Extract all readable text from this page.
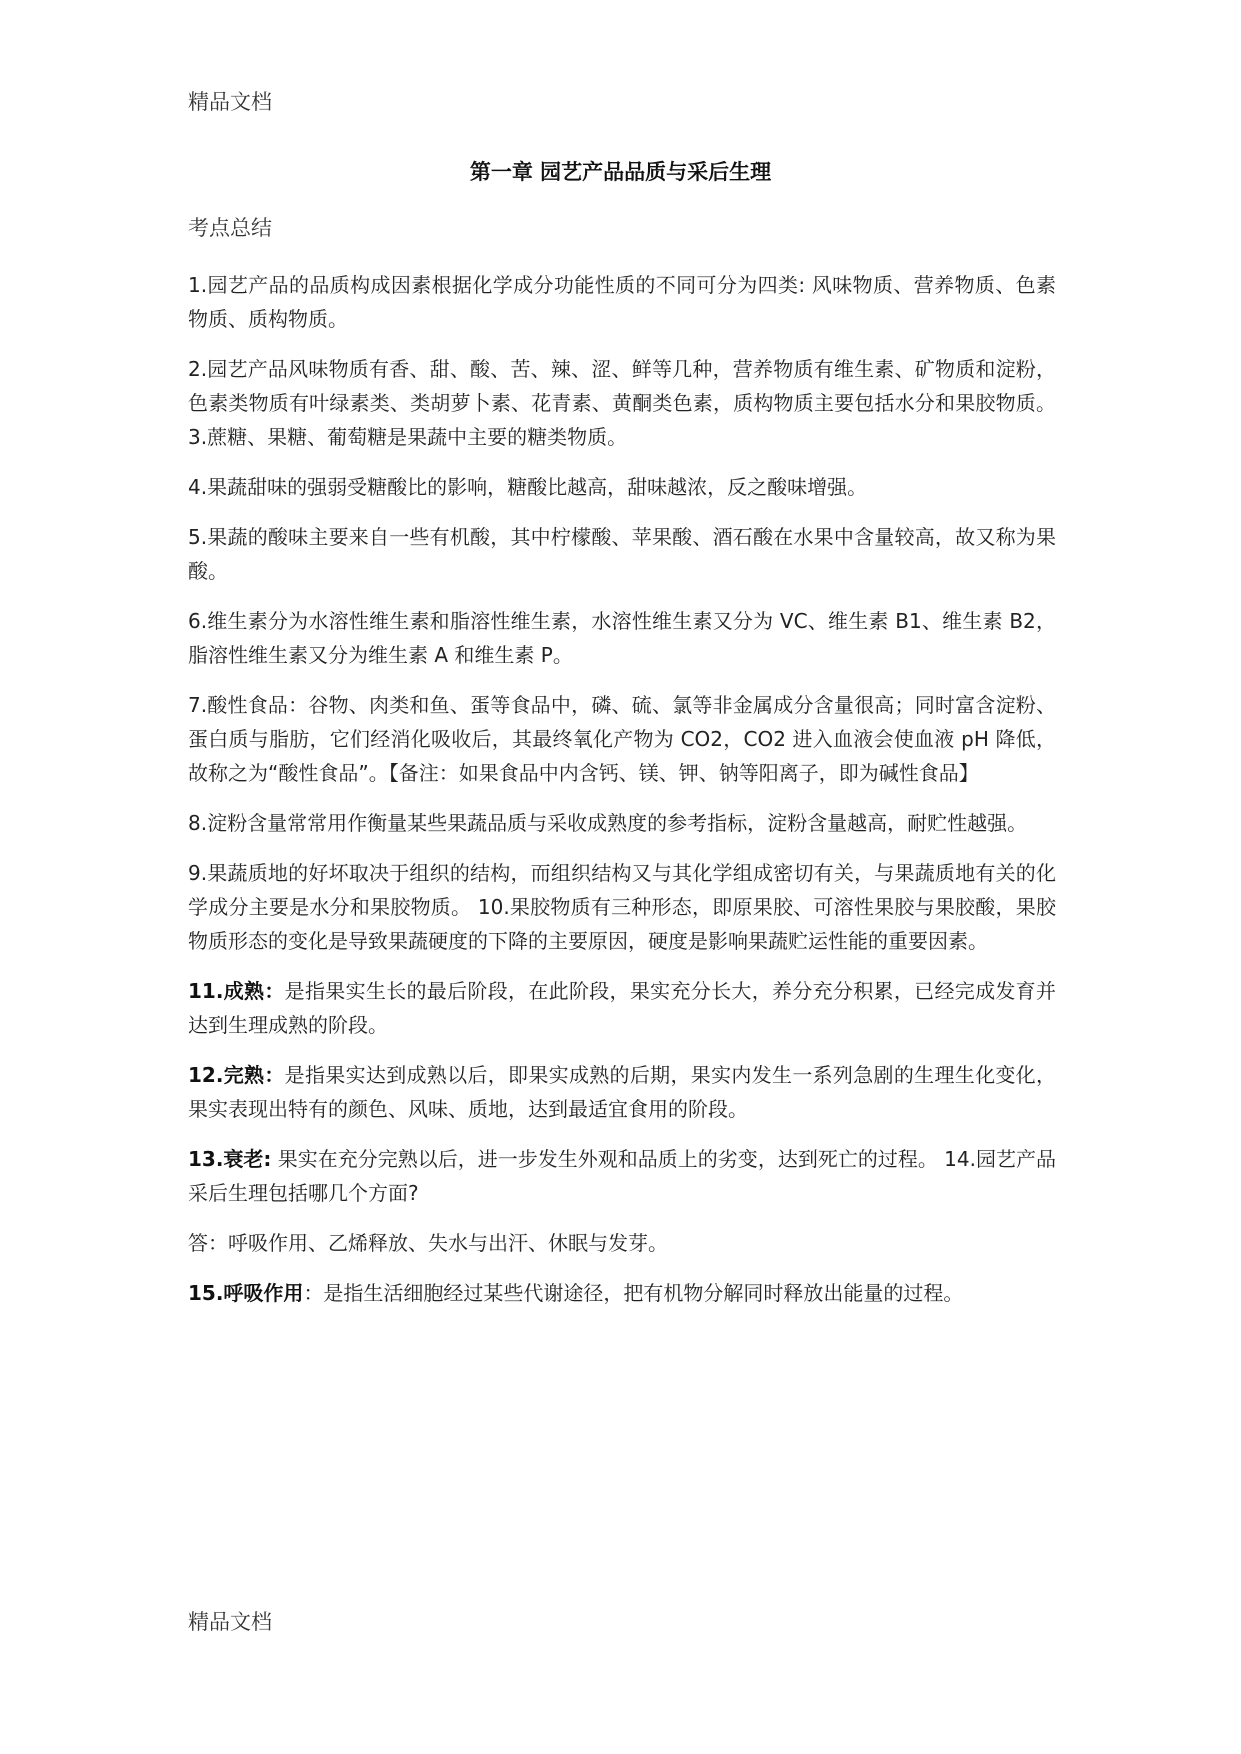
精品文档
第一章 园艺产品品质与采后生理
考点总结

1.园艺产品的品质构成因素根据化学成分功能性质的不同可分为四类: 风味物质、营养物质、色素物质、质构物质。

2.园艺产品风味物质有香、甜、酸、苦、辣、涩、鲜等几种，营养物质有维生素、矿物质和淀粉，色素类物质有叶绿素类、类胡萝卜素、花青素、黄酮类色素，质构物质主要包括水分和果胶物质。 3.蔗糖、果糖、葡萄糖是果蔬中主要的糖类物质。

4.果蔬甜味的强弱受糖酸比的影响，糖酸比越高，甜味越浓，反之酸味增强。

5.果蔬的酸味主要来自一些有机酸，其中柠檬酸、苹果酸、酒石酸在水果中含量较高，故又称为果酸。

6.维生素分为水溶性维生素和脂溶性维生素，水溶性维生素又分为 VC、维生素 B1、维生素 B2，脂溶性维生素又分为维生素 A 和维生素 P。

7.酸性食品：谷物、肉类和鱼、蛋等食品中，磷、硫、氯等非金属成分含量很高；同时富含淀粉、蛋白质与脂肪，它们经消化吸收后，其最终氧化产物为 CO2，CO2 进入血液会使血液 pH 降低，故称之为“酸性食品”。【备注：如果食品中内含钙、镁、钾、钠等阳离子，即为碱性食品】

8.淀粉含量常常用作衡量某些果蔬品质与采收成熟度的参考指标，淀粉含量越高，耐贮性越强。

9.果蔬质地的好坏取决于组织的结构，而组织结构又与其化学组成密切有关，与果蔬质地有关的化学成分主要是水分和果胶物质。 10.果胶物质有三种形态，即原果胶、可溶性果胶与果胶酸，果胶物质形态的变化是导致果蔬硬度的下降的主要原因，硬度是影响果蔬贮运性能的重要因素。

11.成熟：是指果实生长的最后阶段，在此阶段，果实充分长大，养分充分积累，已经完成发育并达到生理成熟的阶段。

12.完熟：是指果实达到成熟以后，即果实成熟的后期，果实内发生一系列急剧的生理生化变化，果实表现出特有的颜色、风味、质地，达到最适宜食用的阶段。

13.衰老: 果实在充分完熟以后，进一步发生外观和品质上的劣变，达到死亡的过程。 14.园艺产品采后生理包括哪几个方面?

答：呼吸作用、乙烯释放、失水与出汗、休眠与发芽。

15.呼吸作用：是指生活细胞经过某些代谢途径，把有机物分解同时释放出能量的过程。

精品文档
